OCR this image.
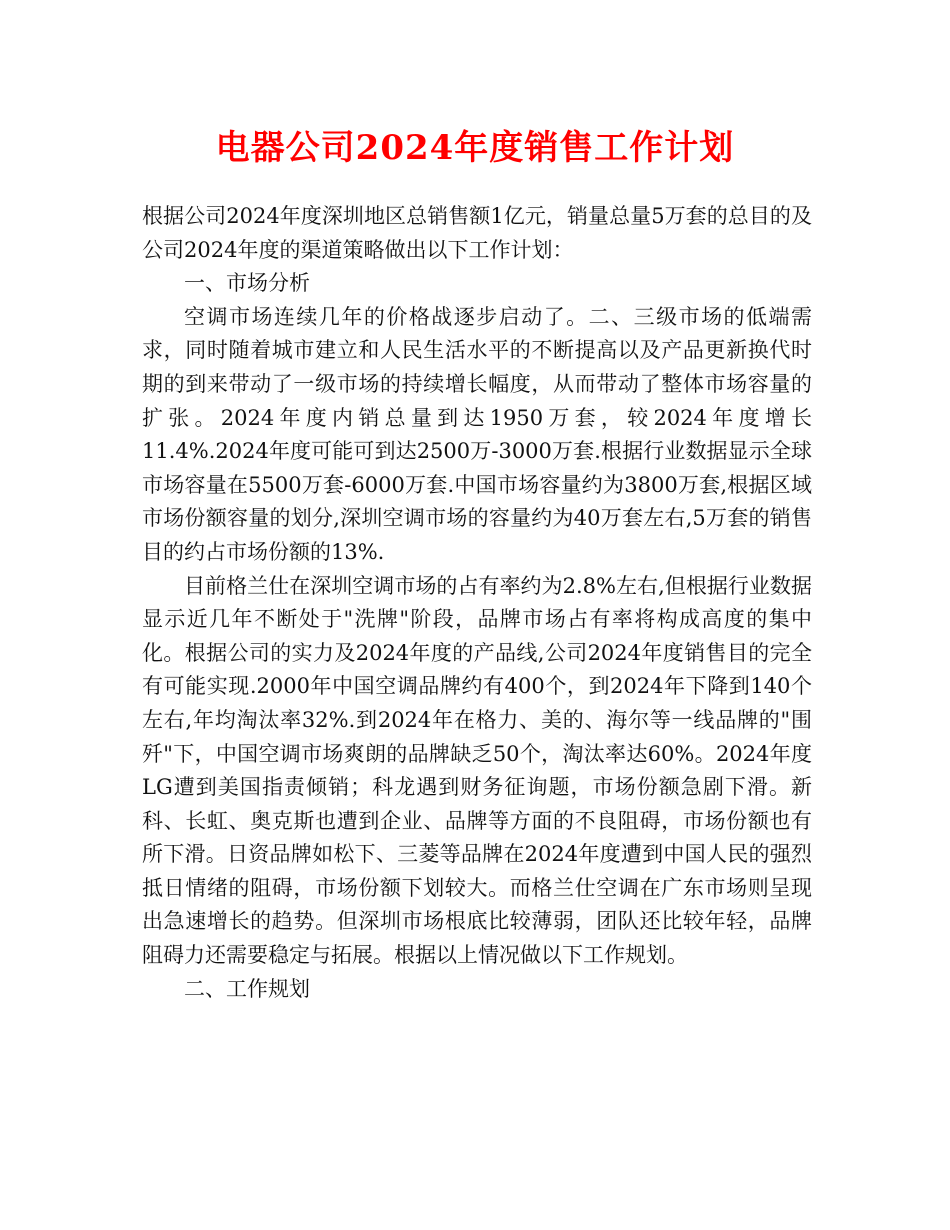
电器公司2024年度销售工作计划

根据公司2024年度深圳地区总销售额1亿元，销量总量5万套的总目的及公司2024年度的渠道策略做出以下工作计划：

一、市场分析

空调市场连续几年的价格战逐步启动了。二、三级市场的低端需求，同时随着城市建立和人民生活水平的不断提高以及产品更新换代时期的到来带动了一级市场的持续增长幅度，从而带动了整体市场容量的扩张。2024年度内销总量到达1950万套，较2024年度增长11.4%.2024年度可能可到达2500万-3000万套.根据行业数据显示全球市场容量在5500万套-6000万套.中国市场容量约为3800万套,根据区域市场份额容量的划分,深圳空调市场的容量约为40万套左右,5万套的销售目的约占市场份额的13%.

目前格兰仕在深圳空调市场的占有率约为2.8%左右,但根据行业数据显示近几年不断处于"洗牌"阶段，品牌市场占有率将构成高度的集中化。根据公司的实力及2024年度的产品线,公司2024年度销售目的完全有可能实现.2000年中国空调品牌约有400个，到2024年下降到140个左右,年均淘汰率32%.到2024年在格力、美的、海尔等一线品牌的"围歼"下，中国空调市场爽朗的品牌缺乏50个，淘汰率达60%。2024年度LG遭到美国指责倾销；科龙遇到财务征询题，市场份额急剧下滑。新科、长虹、奥克斯也遭到企业、品牌等方面的不良阻碍，市场份额也有所下滑。日资品牌如松下、三菱等品牌在2024年度遭到中国人民的强烈抵日情绪的阻碍，市场份额下划较大。而格兰仕空调在广东市场则呈现出急速增长的趋势。但深圳市场根底比较薄弱，团队还比较年轻，品牌阻碍力还需要稳定与拓展。根据以上情况做以下工作规划。

二、工作规划
